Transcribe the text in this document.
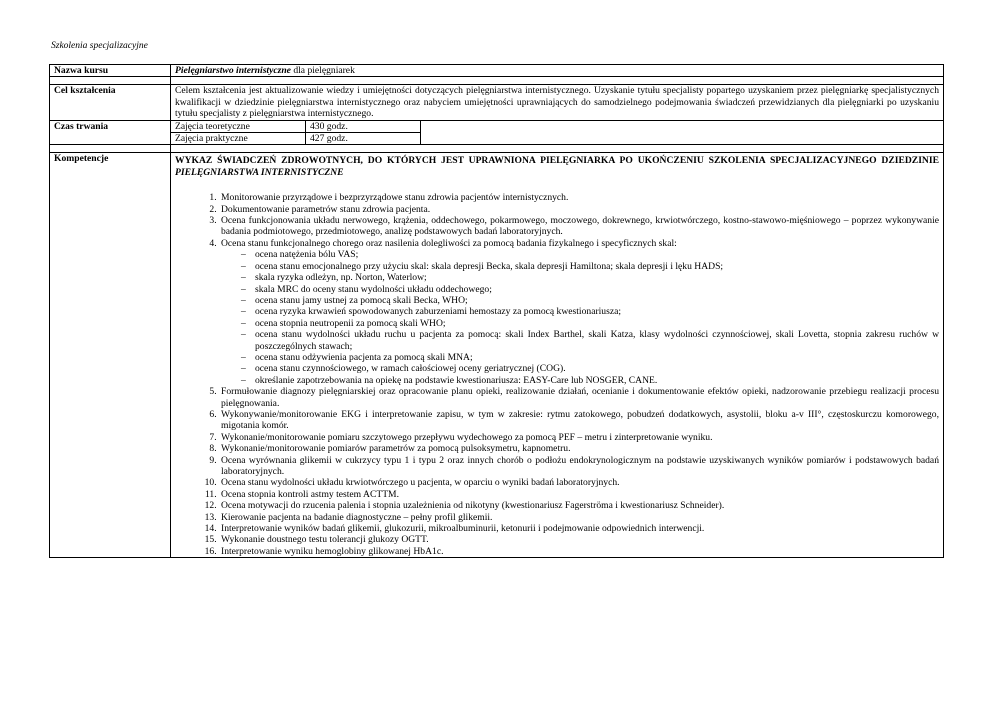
Szkolenia specjalizacyjne
Nazwa kursu	Pielęgniarstwo internistyczne dla pielęgniarek

Cel kształcenia	Celem kształcenia jest aktualizowanie wiedzy i umiejętności dotyczących pielęgniarstwa internistycznego. Uzyskanie tytułu specjalisty popartego uzyskaniem przez pielęgniarkę specjalistycznych kwalifikacji w dziedzinie pielęgniarstwa internistycznego oraz nabyciem umiejętności uprawniających do samodzielnego podejmowania świadczeń przewidzianych dla pielęgniarki po uzyskaniu tytułu specjalisty z pielęgniarstwa internistycznego.
Czas trwania		Zajęcia teoretyczne	430 godz.
Zajęcia praktyczne	427 godz.

Kompetencje	WYKAZ ŚWIADCZEŃ ZDROWOTNYCH, DO KTÓRYCH JEST UPRAWNIONA PIELĘGNIARKA PO UKOŃCZENIU SZKOLENIA SPECJALIZACYJNEGO DZIEDZINIE PIELĘGNIARSTWA INTERNISTYCZNE
1. Monitorowanie przyrządowe i bezprzyrządowe stanu zdrowia pacjentów internistycznych.
2. Dokumentowanie parametrów stanu zdrowia pacjenta.
3. Ocena funkcjonowania układu nerwowego, krążenia, oddechowego, pokarmowego, moczowego, dokrewnego, krwiotwórczego, kostno-stawowo-mięśniowego – poprzez wykonywanie badania podmiotowego, przedmiotowego, analizę podstawowych badań laboratoryjnych.
4. Ocena stanu funkcjonalnego chorego oraz nasilenia dolegliwości za pomocą badania fizykalnego i specyficznych skal:
– ocena natężenia bólu VAS;
– ocena stanu emocjonalnego przy użyciu skal: skala depresji Becka, skala depresji Hamiltona; skala depresji i lęku HADS;
– skala ryzyka odleżyn, np. Norton, Waterlow;
– skala MRC do oceny stanu wydolności układu oddechowego;
– ocena stanu jamy ustnej za pomocą skali Becka, WHO;
– ocena ryzyka krwawień spowodowanych zaburzeniami hemostazy za pomocą kwestionariusza;
– ocena stopnia neutropenii za pomocą skali WHO;
– ocena stanu wydolności układu ruchu u pacjenta za pomocą: skali Index Barthel, skali Katza, klasy wydolności czynnościowej, skali Lovetta, stopnia zakresu ruchów w poszczególnych stawach;
– ocena stanu odżywienia pacjenta za pomocą skali MNA;
– ocena stanu czynnościowego, w ramach całościowej oceny geriatrycznej (COG).
– określanie zapotrzebowania na opiekę na podstawie kwestionariusza: EASY-Care lub NOSGER, CANE.
5. Formułowanie diagnozy pielęgniarskiej oraz opracowanie planu opieki, realizowanie działań, ocenianie i dokumentowanie efektów opieki, nadzorowanie przebiegu realizacji procesu pielęgnowania.
6. Wykonywanie/monitorowanie EKG i interpretowanie zapisu, w tym w zakresie: rytmu zatokowego, pobudzeń dodatkowych, asystolii, bloku a-v III°, częstoskurczu komorowego, migotania komór.
7. Wykonanie/monitorowanie pomiaru szczytowego przepływu wydechowego za pomocą PEF – metru i zinterpretowanie wyniku.
8. Wykonanie/monitorowanie pomiarów parametrów za pomocą pulsoksymetru, kapnometru.
9. Ocena wyrównania glikemii w cukrzycy typu 1 i typu 2 oraz innych chorób o podłożu endokrynologicznym na podstawie uzyskiwanych wyników pomiarów i podstawowych badań laboratoryjnych.
10. Ocena stanu wydolności układu krwiotwórczego u pacjenta, w oparciu o wyniki badań laboratoryjnych.
11. Ocena stopnia kontroli astmy testem ACTTM.
12. Ocena motywacji do rzucenia palenia i stopnia uzależnienia od nikotyny (kwestionariusz Fagerströma i kwestionariusz Schneider).
13. Kierowanie pacjenta na badanie diagnostyczne – pełny profil glikemii.
14. Interpretowanie wyników badań glikemii, glukozurii, mikroalbuminurii, ketonurii i podejmowanie odpowiednich interwencji.
15. Wykonanie doustnego testu tolerancji glukozy OGTT.
16. Interpretowanie wyniku hemoglobiny glikowanej HbA1c.
